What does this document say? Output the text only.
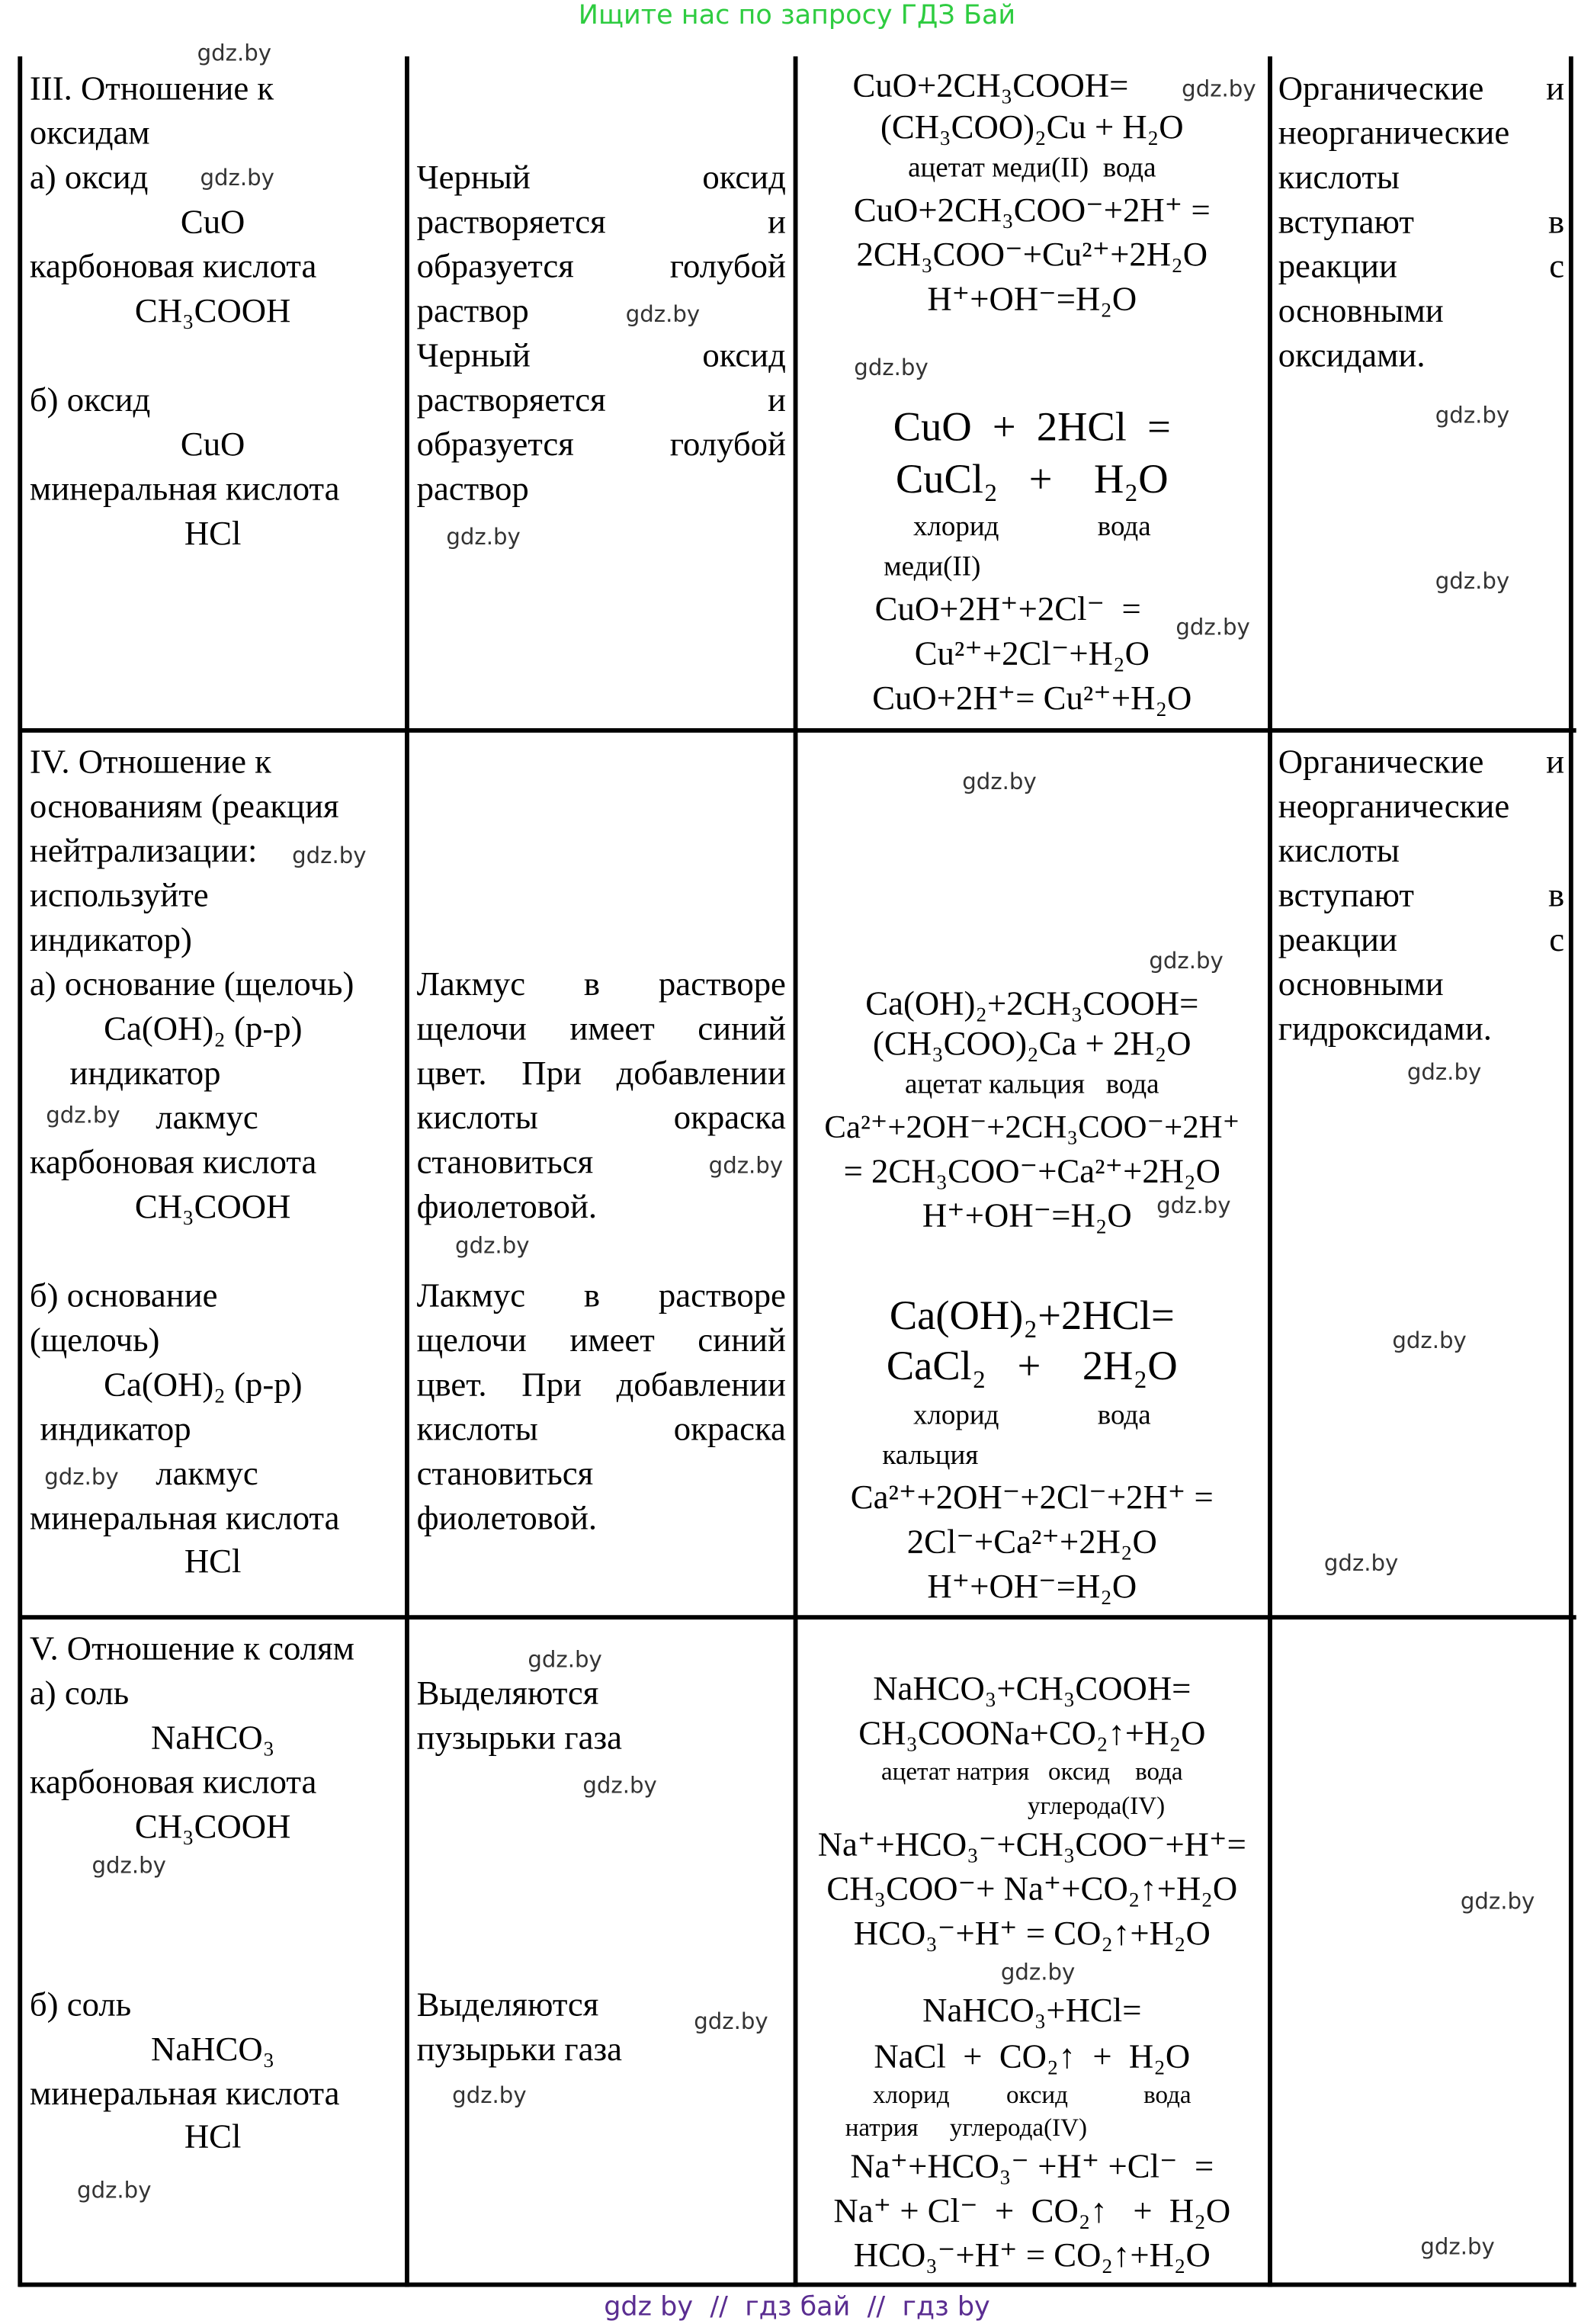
Ищите нас по запросу ГДЗ Бай
III. Отношение к
оксидам
а) оксид
CuO
карбоновая кислота
CH₃COOH
б) оксид
CuO
минеральная кислота
HCl
Черный оксид
растворяется и
образуется голубой
раствор
Черный оксид
растворяется и
образуется голубой
раствор
CuO+2CH₃COOH=
(CH₃COO)₂Cu + H₂O
ацетат меди(II)  вода
CuO+2CH₃COO⁻+2H⁺ =
2CH₃COO⁻+Cu²⁺+2H₂O
H⁺+OH⁻=H₂O
CuO  +  2HCl  =
CuCl₂   +    H₂O
хлорид              вода
меди(II)
CuO+2H⁺+2Cl⁻  =
Cu²⁺+2Cl⁻+H₂O
CuO+2H⁺= Cu²⁺+H₂O
Органические и
неорганические
кислоты
вступают в
реакции с
основными
оксидами.
IV. Отношение к
основаниям (реакция
нейтрализации:
используйте
индикатор)
а) основание (щелочь)
Ca(OH)₂ (р-р)
индикатор
лакмус
карбоновая кислота
CH₃COOH
б) основание
(щелочь)
Ca(OH)₂ (р-р)
индикатор
лакмус
минеральная кислота
HCl
Лакмус в растворе
щелочи имеет синий
цвет. При добавлении
кислоты окраска
становиться
фиолетовой.
Лакмус в растворе
щелочи имеет синий
цвет. При добавлении
кислоты окраска
становиться
фиолетовой.
Ca(OH)₂+2CH₃COOH=
(CH₃COO)₂Ca + 2H₂O
ацетат кальция   вода
Ca²⁺+2OH⁻+2CH₃COO⁻+2H⁺
= 2CH₃COO⁻+Ca²⁺+2H₂O
H⁺+OH⁻=H₂O
Ca(OH)₂+2HCl=
CaCl₂   +    2H₂O
хлорид              вода
кальция
Ca²⁺+2OH⁻+2Cl⁻+2H⁺ =
2Cl⁻+Ca²⁺+2H₂O
H⁺+OH⁻=H₂O
Органические и
неорганические
кислоты
вступают в
реакции с
основными
гидроксидами.
V. Отношение к солям
а) соль
NaHCO₃
карбоновая кислота
CH₃COOH
б) соль
NaHCO₃
минеральная кислота
HCl
Выделяются
пузырьки газа
Выделяются
пузырьки газа
NaHCO₃+CH₃COOH=
CH₃COONa+CO₂↑+H₂O
ацетат натрия   оксид    вода
углерода(IV)
Na⁺+HCO₃⁻+CH₃COO⁻+H⁺=
CH₃COO⁻+ Na⁺+CO₂↑+H₂O
HCO₃⁻+H⁺ = CO₂↑+H₂O
NaHCO₃+HCl=
NaCl  +  CO₂↑  +  H₂O
хлорид         оксид            вода
натрия     углерода(IV)
Na⁺+HCO₃⁻ +H⁺ +Cl⁻  =
Na⁺ + Cl⁻  +  CO₂↑   +  H₂O
HCO₃⁻+H⁺ = CO₂↑+H₂O
gdz.by
gdz.by
gdz.by
gdz.by
gdz.by
gdz.by
gdz.by
gdz.by
gdz.by
gdz.by
gdz.by
gdz.by
gdz.by
gdz.by
gdz.by
gdz.by
gdz.by
gdz.by
gdz.by
gdz.by
gdz.by
gdz.by
gdz.by
gdz.by
gdz.by
gdz.by
gdz.by
gdz.by
gdz.by
gdz by  //  гдз бай  //  гдз by
